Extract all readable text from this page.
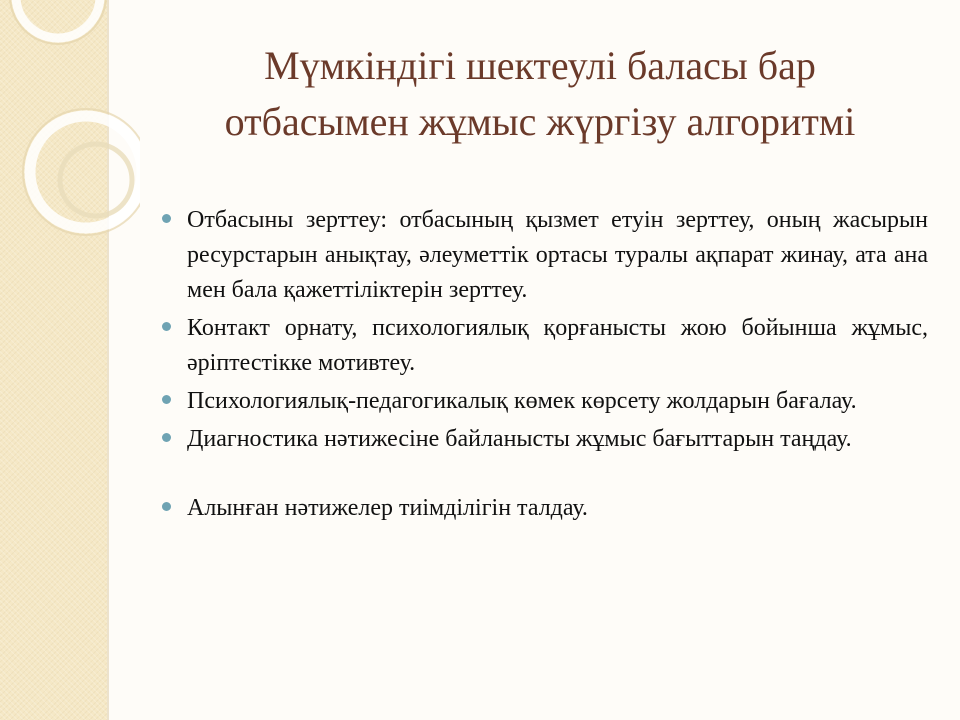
Мүмкіндігі шектеулі баласы бар
отбасымен жұмыс жүргізу алгоритмі
Отбасыны зерттеу: отбасының қызмет етуін зерттеу, оның жасырын ресурстарын анықтау, әлеуметтік ортасы туралы ақпарат жинау, ата ана мен бала қажеттіліктерін зерттеу.
Контакт орнату, психологиялық қорғанысты жою бойынша жұмыс, әріптестікке мотивтеу.
Психологиялық-педагогикалық көмек көрсету жолдарын бағалау.
Диагностика нәтижесіне байланысты жұмыс бағыттарын таңдау.
Алынған нәтижелер тиімділігін талдау.
